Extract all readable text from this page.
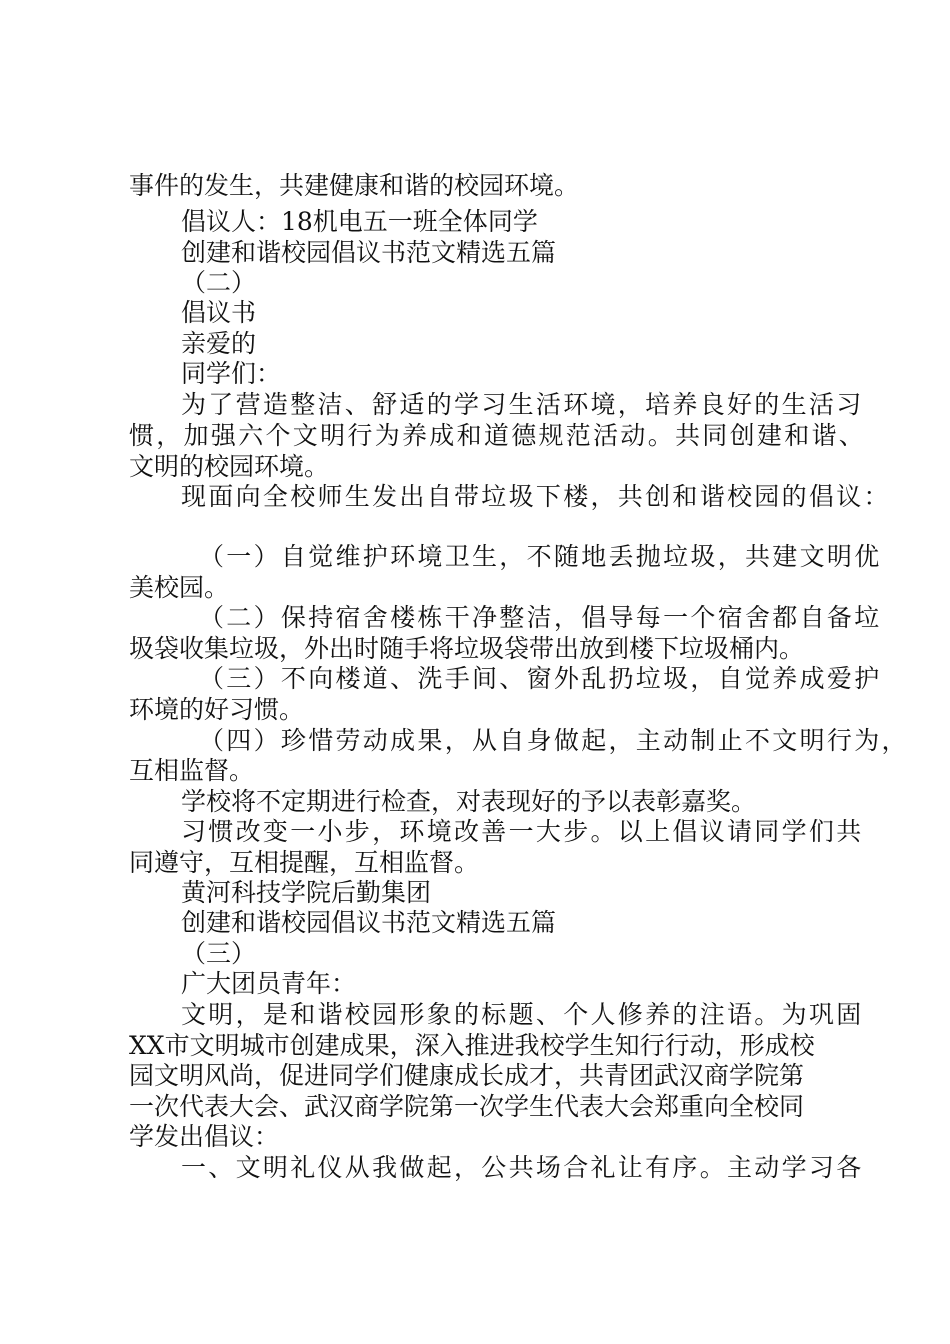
事件的发生，共建健康和谐的校园环境。
倡议人：18机电五一班全体同学
创建和谐校园倡议书范文精选五篇
（二）
倡议书
亲爱的
同学们：
为了营造整洁、舒适的学习生活环境，培养良好的生活习
惯，加强六个文明行为养成和道德规范活动。共同创建和谐、
文明的校园环境。
现面向全校师生发出自带垃圾下楼，共创和谐校园的倡议：
（一）自觉维护环境卫生，不随地丢抛垃圾，共建文明优
美校园。
（二）保持宿舍楼栋干净整洁，倡导每一个宿舍都自备垃
圾袋收集垃圾，外出时随手将垃圾袋带出放到楼下垃圾桶内。
（三）不向楼道、洗手间、窗外乱扔垃圾，自觉养成爱护
环境的好习惯。
（四）珍惜劳动成果，从自身做起，主动制止不文明行为，
互相监督。
学校将不定期进行检查，对表现好的予以表彰嘉奖。
习惯改变一小步，环境改善一大步。以上倡议请同学们共
同遵守，互相提醒，互相监督。
黄河科技学院后勤集团
创建和谐校园倡议书范文精选五篇
（三）
广大团员青年：
文明，是和谐校园形象的标题、个人修养的注语。为巩固
XX市文明城市创建成果，深入推进我校学生知行行动，形成校
园文明风尚，促进同学们健康成长成才，共青团武汉商学院第
一次代表大会、武汉商学院第一次学生代表大会郑重向全校同
学发出倡议：
一、文明礼仪从我做起，公共场合礼让有序。主动学习各
